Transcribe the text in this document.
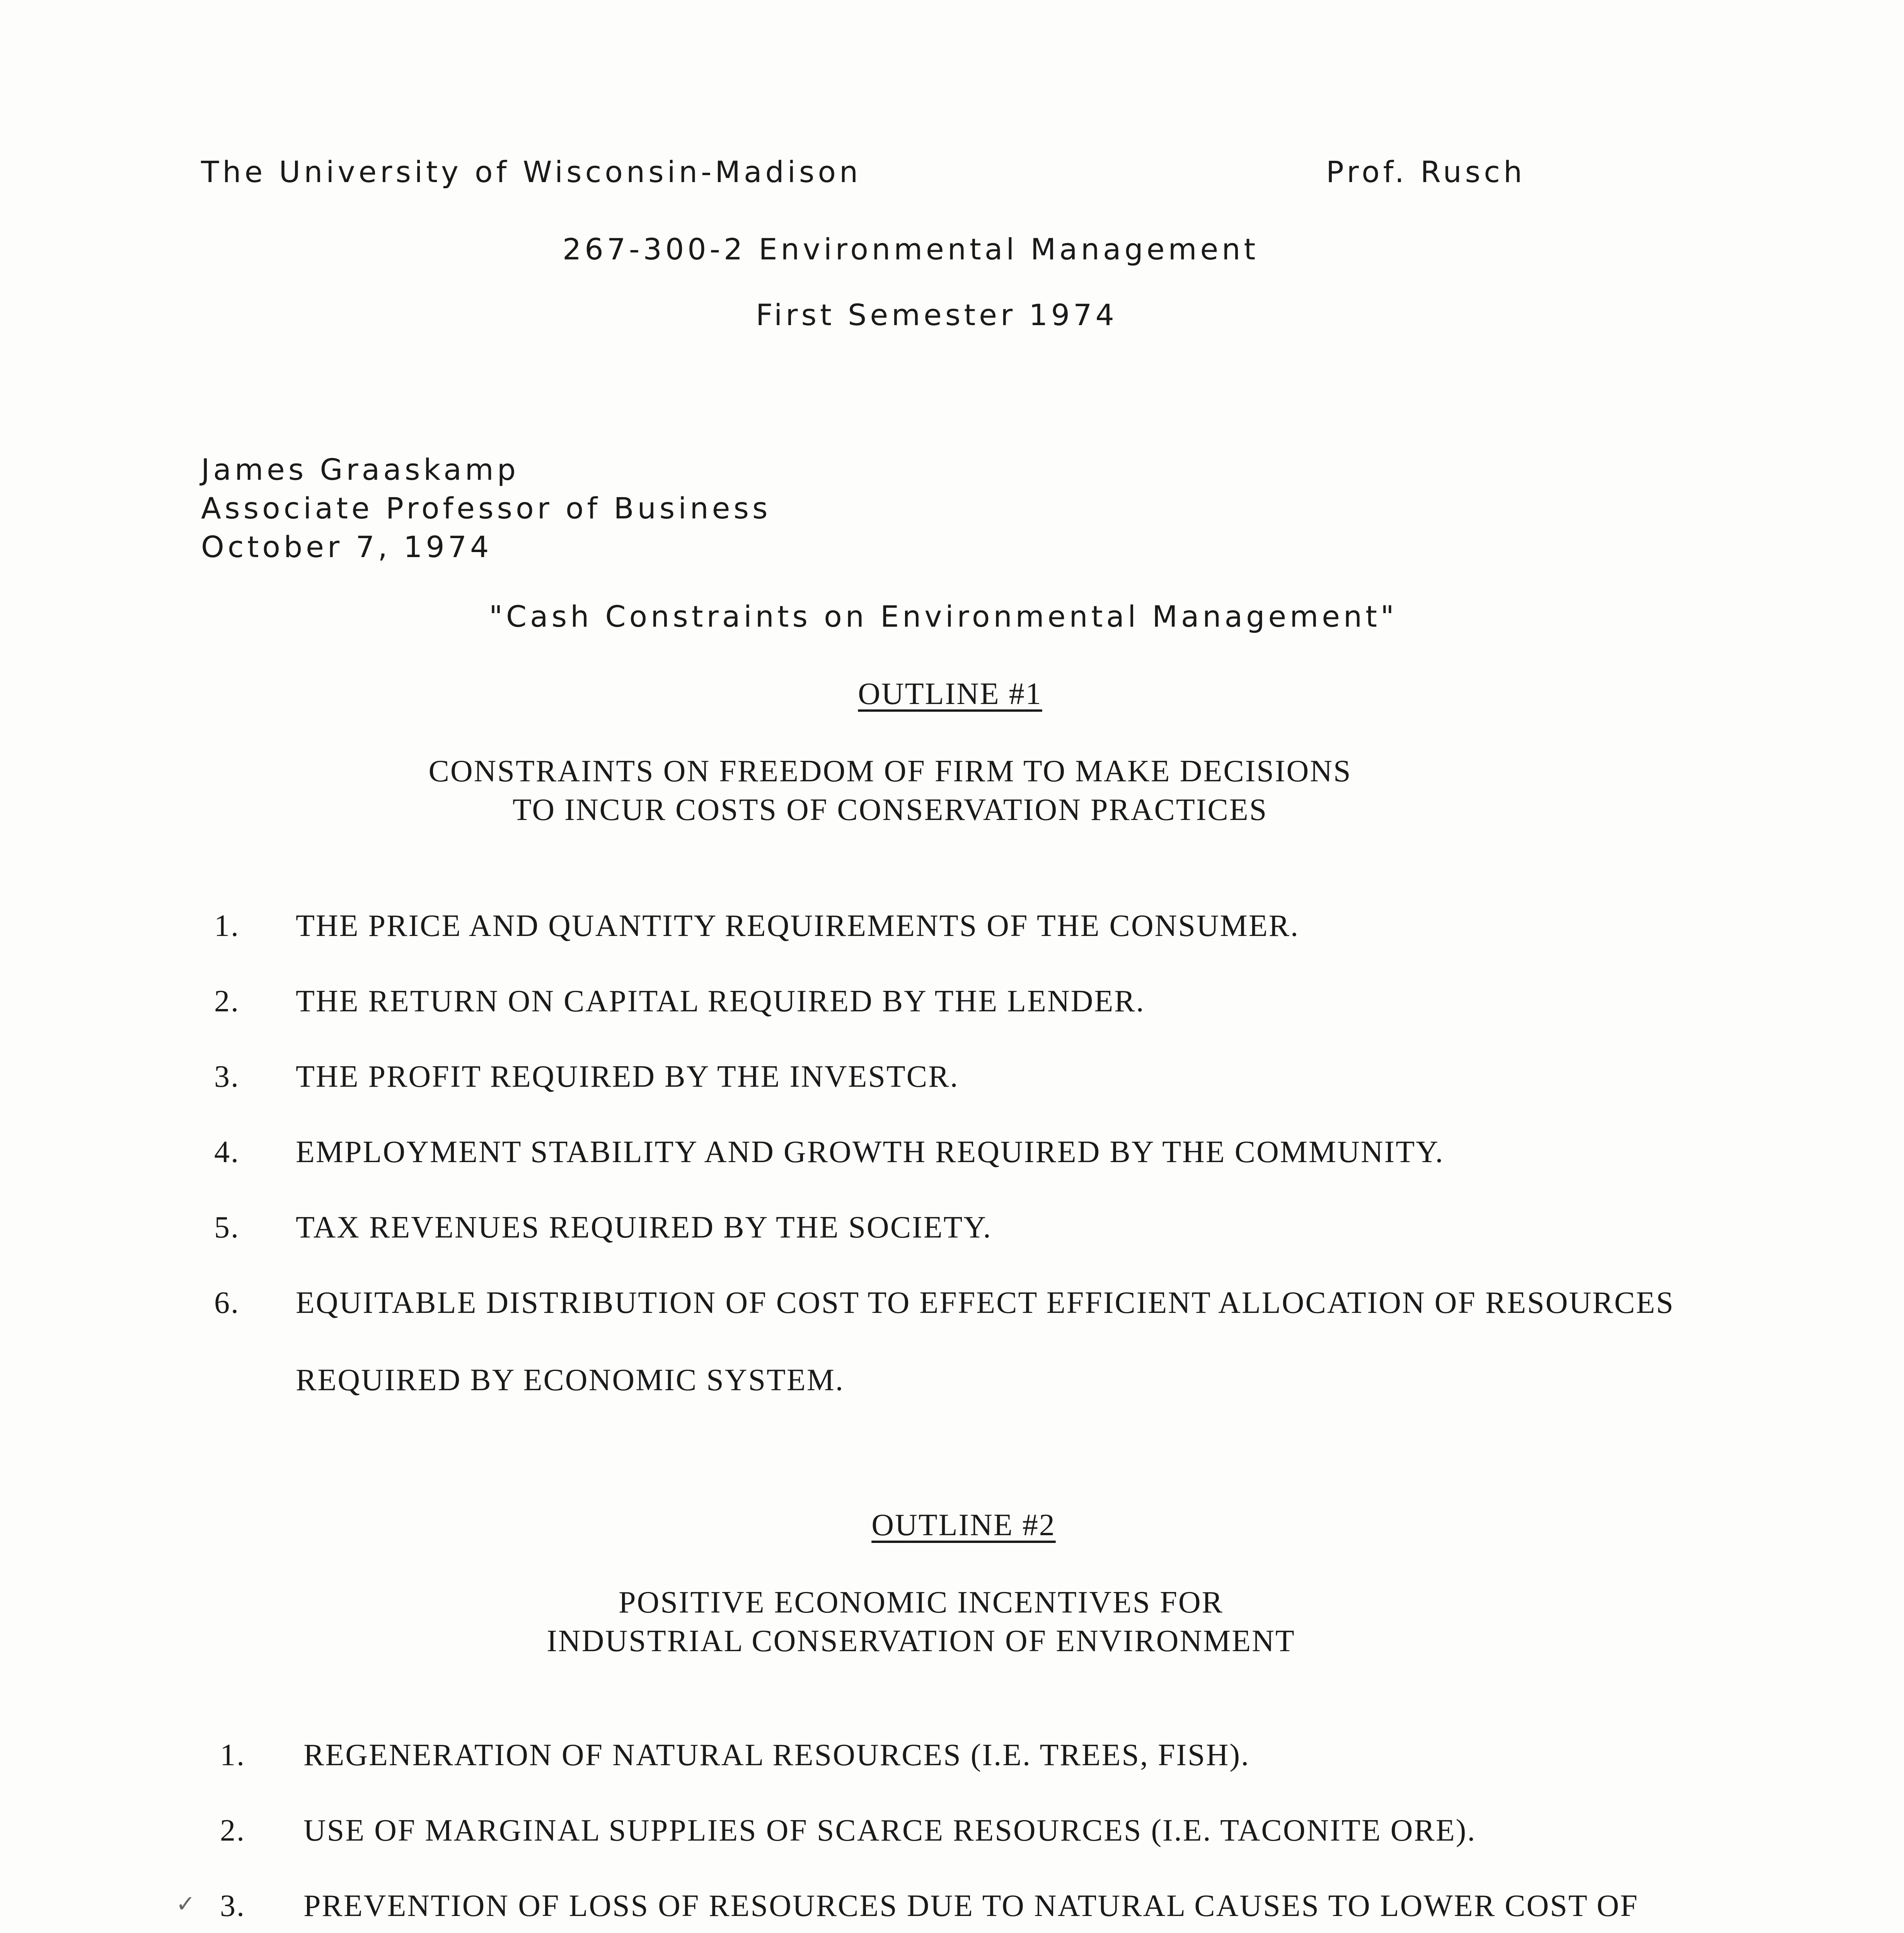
The University of Wisconsin-Madison	Prof. Rusch
267-300-2 Environmental Management
First Semester 1974
James Graaskamp
Associate Professor of Business
October 7, 1974
"Cash Constraints on Environmental Management"
OUTLINE #1
CONSTRAINTS ON FREEDOM OF FIRM TO MAKE DECISIONS
TO INCUR COSTS OF CONSERVATION PRACTICES
1. THE PRICE AND QUANTITY REQUIREMENTS OF THE CONSUMER.
2. THE RETURN ON CAPITAL REQUIRED BY THE LENDER.
3. THE PROFIT REQUIRED BY THE INVESTCR.
4. EMPLOYMENT STABILITY AND GROWTH REQUIRED BY THE COMMUNITY.
5. TAX REVENUES REQUIRED BY THE SOCIETY.
6. EQUITABLE DISTRIBUTION OF COST TO EFFECT EFFICIENT ALLOCATION OF RESOURCES
REQUIRED BY ECONOMIC SYSTEM.
OUTLINE #2
POSITIVE ECONOMIC INCENTIVES FOR
INDUSTRIAL CONSERVATION OF ENVIRONMENT
1. REGENERATION OF NATURAL RESOURCES (I.E. TREES, FISH).
2. USE OF MARGINAL SUPPLIES OF SCARCE RESOURCES (I.E. TACONITE ORE).
✓ 3. PREVENTION OF LOSS OF RESOURCES DUE TO NATURAL CAUSES TO LOWER COST OF
